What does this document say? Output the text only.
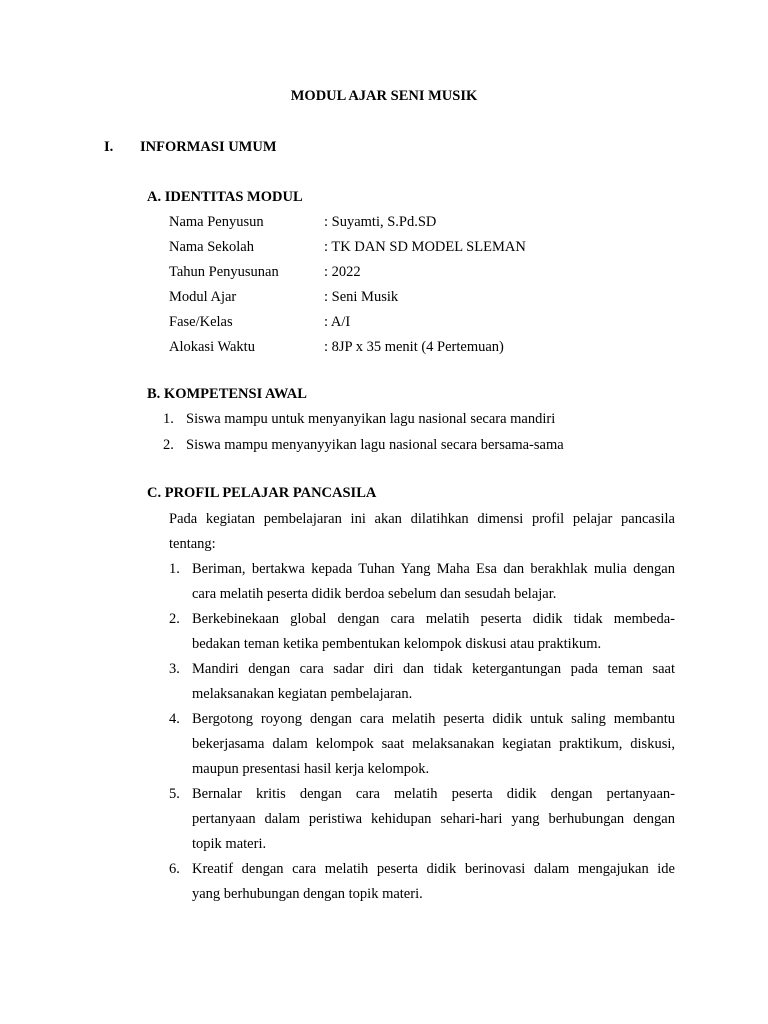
MODUL AJAR SENI MUSIK
I. INFORMASI UMUM
A. IDENTITAS MODUL
Nama Penyusun	: Suyamti, S.Pd.SD
Nama Sekolah	: TK DAN SD MODEL SLEMAN
Tahun Penyusunan	: 2022
Modul Ajar	: Seni Musik
Fase/Kelas	: A/I
Alokasi Waktu	: 8JP x 35 menit (4 Pertemuan)
B. KOMPETENSI AWAL
1. Siswa mampu untuk menyanyikan lagu nasional secara mandiri
2. Siswa mampu menyanyyikan lagu nasional secara bersama-sama
C. PROFIL PELAJAR PANCASILA
Pada kegiatan pembelajaran ini akan dilatihkan dimensi profil pelajar pancasila
tentang:
1. Beriman, bertakwa kepada Tuhan Yang Maha Esa dan berakhlak mulia dengan
cara melatih peserta didik berdoa sebelum dan sesudah belajar.
2. Berkebinekaan global dengan cara melatih peserta didik tidak membeda-
bedakan teman ketika pembentukan kelompok diskusi atau praktikum.
3. Mandiri dengan cara sadar diri dan tidak ketergantungan pada teman saat
melaksanakan kegiatan pembelajaran.
4. Bergotong royong dengan cara melatih peserta didik untuk saling membantu
bekerjasama dalam kelompok saat melaksanakan kegiatan praktikum, diskusi,
maupun presentasi hasil kerja kelompok.
5. Bernalar kritis dengan cara melatih peserta didik dengan pertanyaan-
pertanyaan dalam peristiwa kehidupan sehari-hari yang berhubungan dengan
topik materi.
6. Kreatif dengan cara melatih peserta didik berinovasi dalam mengajukan ide
yang berhubungan dengan topik materi.
